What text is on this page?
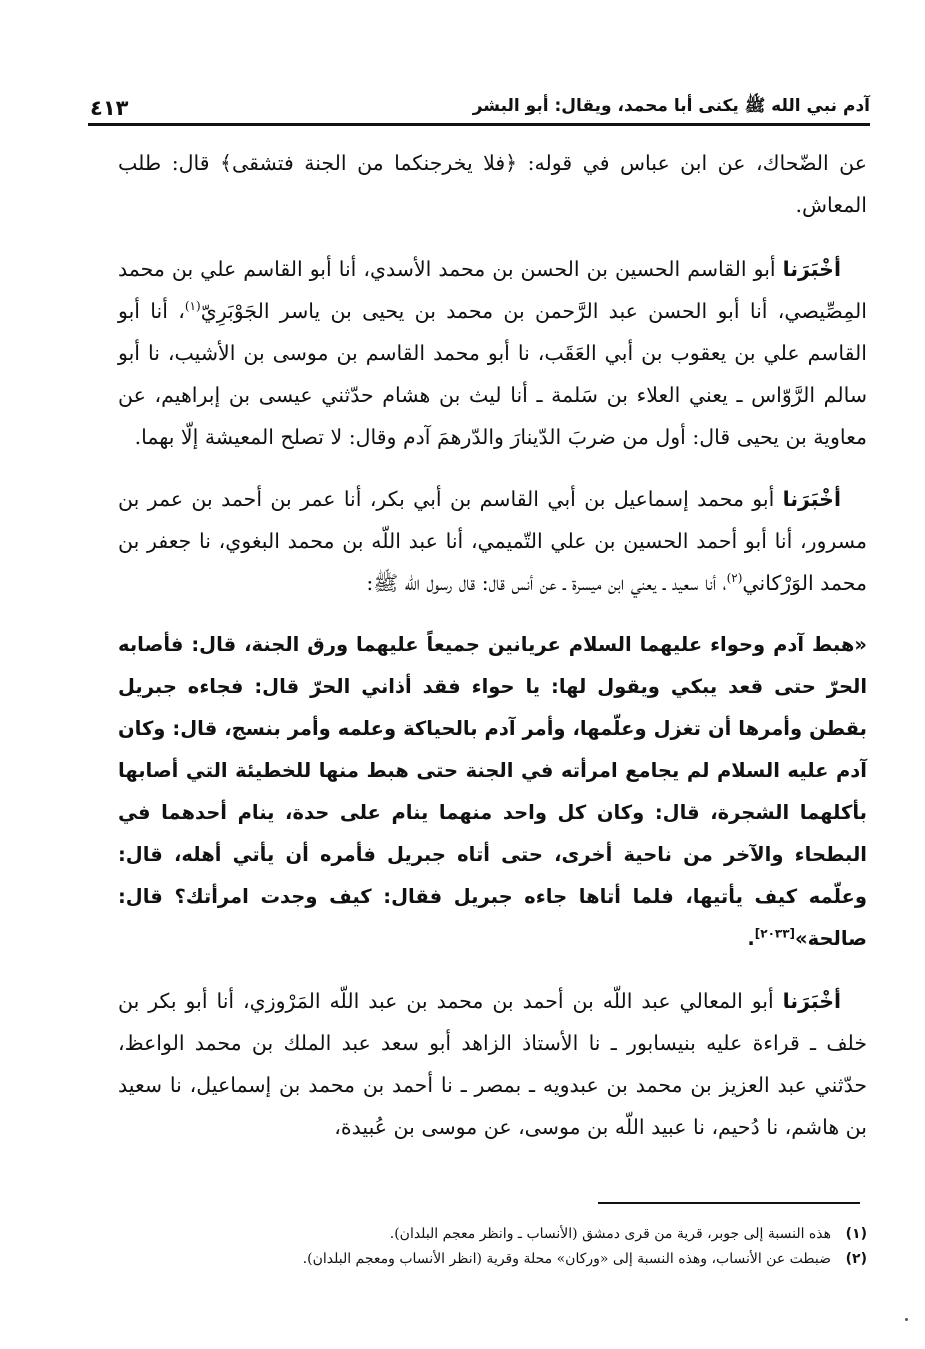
آدم نبي الله ﷺ يكنى أبا محمد، ويقال: أبو البشر
٤١٣

عن الضّحاك، عن ابن عباس في قوله: ﴿فلا يخرجنكما من الجنة فتشقى﴾ قال: طلب المعاش.

أخْبَرَنا أبو القاسم الحسين بن الحسن بن محمد الأسدي، أنا أبو القاسم علي بن محمد المِصِّيصي، أنا أبو الحسن عبد الرَّحمن بن محمد بن يحيى بن ياسر الجَوْبَرِيّ$^{(١)}$، أنا أبو القاسم علي بن يعقوب بن أبي العَقَب، نا أبو محمد القاسم بن موسى بن الأشيب، نا أبو سالم الرَّوّاس ـ يعني العلاء بن سَلمة ـ أنا ليث بن هشام حدّثني عيسى بن إبراهيم، عن معاوية بن يحيى قال: أول من ضربَ الدّينارَ والدّرهمَ آدم وقال: لا تصلح المعيشة إلّا بهما.

أخْبَرَنا أبو محمد إسماعيل بن أبي القاسم بن أبي بكر، أنا عمر بن أحمد بن عمر بن مسرور، أنا أبو أحمد الحسين بن علي التّميمي، أنا عبد اللّه بن محمد البغوي، نا جعفر بن محمد الوَرْكاني$^{(٢)}$، أنا سعيد ـ يعني ابن ميسرة ـ عن أنس قال: قال رسول الله ﷺ:

«هبط آدم وحواء عليهما السلام عريانين جميعاً عليهما ورق الجنة، قال: فأصابه الحرّ حتى قعد يبكي ويقول لها: يا حواء فقد أذاني الحرّ قال: فجاءه جبريل بقطن وأمرها أن تغزل وعلّمها، وأمر آدم بالحياكة وعلمه وأمر بنسج، قال: وكان آدم عليه السلام لم يجامع امرأته في الجنة حتى هبط منها للخطيئة التي أصابها بأكلهما الشجرة، قال: وكان كل واحد منهما ينام على حدة، ينام أحدهما في البطحاء والآخر من ناحية أخرى، حتى أتاه جبريل فأمره أن يأتي أهله، قال: وعلّمه كيف يأتيها، فلما أتاها جاءه جبريل فقال: كيف وجدت امرأتك؟ قال: صالحة»[٢٠٣٣].

أخْبَرَنا أبو المعالي عبد اللّه بن أحمد بن محمد بن عبد اللّه المَرْوزي، أنا أبو بكر بن خلف ـ قراءة عليه بنيسابور ـ نا الأستاذ الزاهد أبو سعد عبد الملك بن محمد الواعظ، حدّثني عبد العزيز بن محمد بن عبدويه ـ بمصر ـ نا أحمد بن محمد بن إسماعيل، نا سعيد بن هاشم، نا دُحيم، نا عبيد اللّه بن موسى، عن موسى بن عُبيدة،

(١)
هذه النسبة إلى جوبر، قرية من قرى دمشق (الأنساب ـ وانظر معجم البلدان).
(٢)
ضبطت عن الأنساب، وهذه النسبة إلى «وركان» محلة وقرية (انظر الأنساب ومعجم البلدان).
